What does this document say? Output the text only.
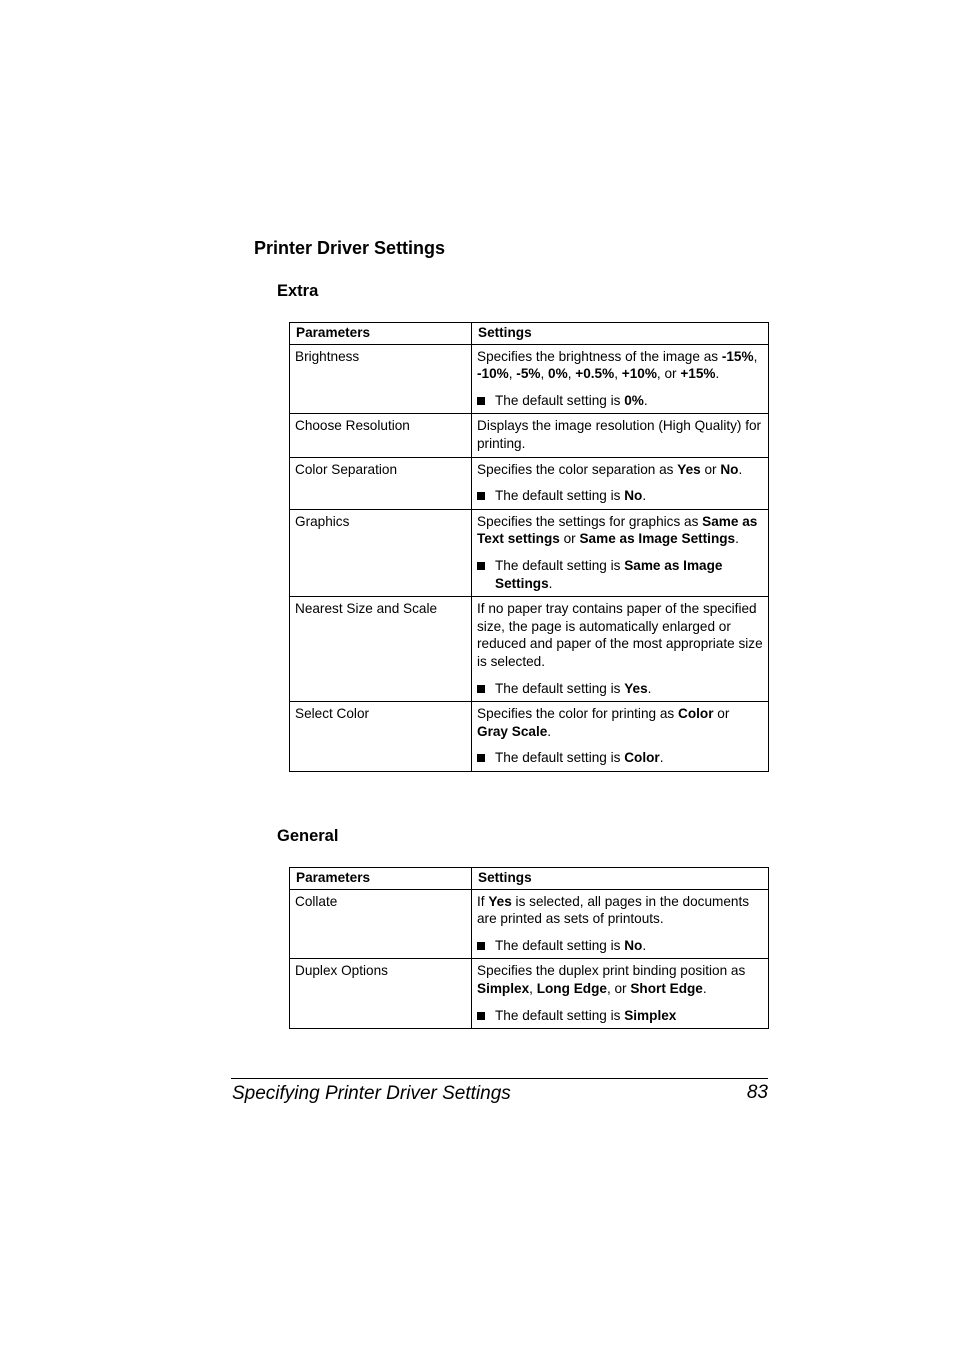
Printer Driver Settings
Extra
Parameters	Settings
Brightness	Specifies the brightness of the image as -15%, -10%, -5%, 0%, +0.5%, +10%, or +15%.

The default setting is 0%.

Choose Resolution	Displays the image resolution (High Quality) for printing.

Color Separation	Specifies the color separation as Yes or No.

The default setting is No.

Graphics	Specifies the settings for graphics as Same as Text settings or Same as Image Settings.

The default setting is Same as Image Settings.

Nearest Size and Scale	If no paper tray contains paper of the specified size, the page is automatically enlarged or reduced and paper of the most appropriate size is selected.

The default setting is Yes.

Select Color	Specifies the color for printing as Color or Gray Scale.

The default setting is Color.

General
Parameters	Settings
Collate	If Yes is selected, all pages in the documents are printed as sets of printouts.

The default setting is No.

Duplex Options	Specifies the duplex print binding position as Simplex, Long Edge, or Short Edge.

The default setting is Simplex

Specifying Printer Driver Settings	83
